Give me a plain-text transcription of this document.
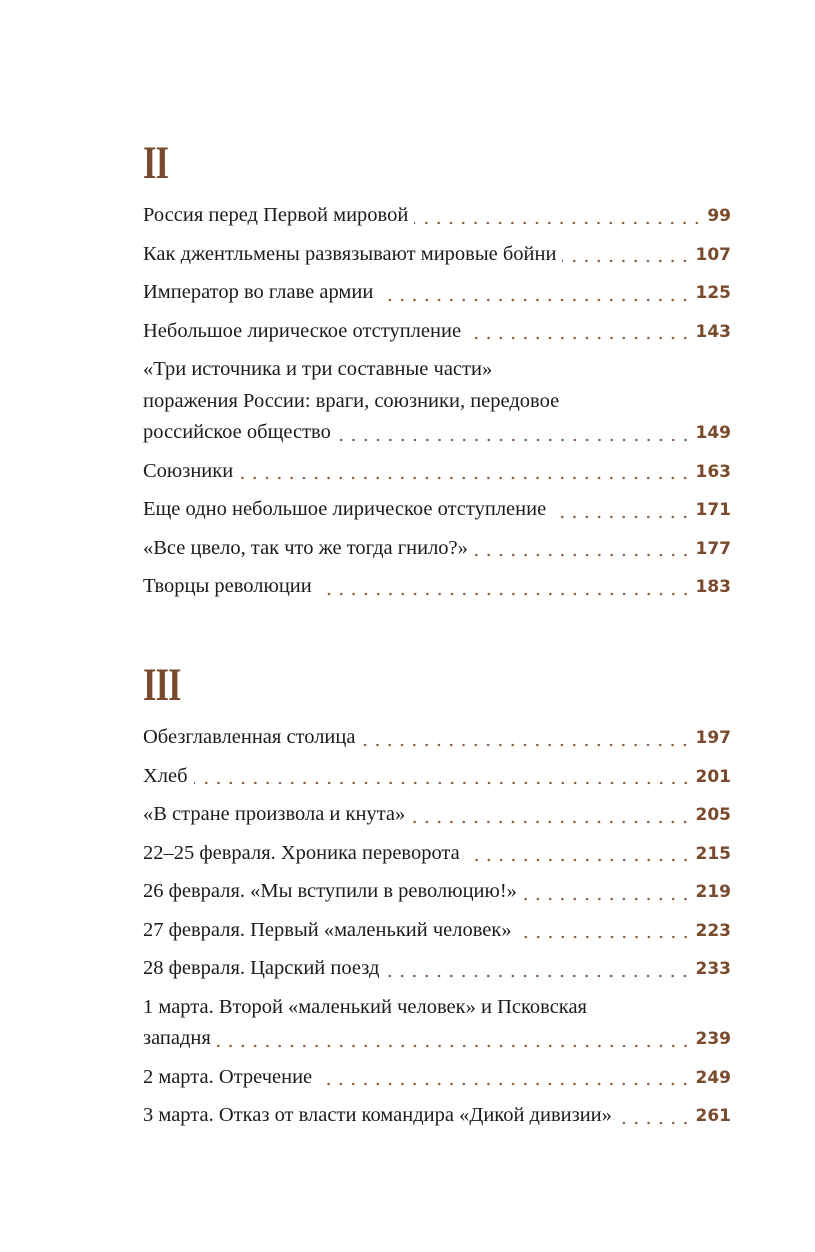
II
Россия перед Первой мировой	99
Как джентльмены развязывают мировые бойни	107
Император во главе армии	125
Небольшое лирическое отступление	143
«Три источника и три составные части»
поражения России: враги, союзники, передовое
российское общество	149
Союзники	163
Еще одно небольшое лирическое отступление	171
«Все цвело, так что же тогда гнило?»	177
Творцы революции	183
III
Обезглавленная столица	197
Хлеб	201
«В стране произвола и кнута»	205
22–25 февраля. Хроника переворота	215
26 февраля. «Мы вступили в революцию!»	219
27 февраля. Первый «маленький человек»	223
28 февраля. Царский поезд	233
1 марта. Второй «маленький человек» и Псковская
западня	239
2 марта. Отречение	249
3 марта. Отказ от власти командира «Дикой дивизии»	261
